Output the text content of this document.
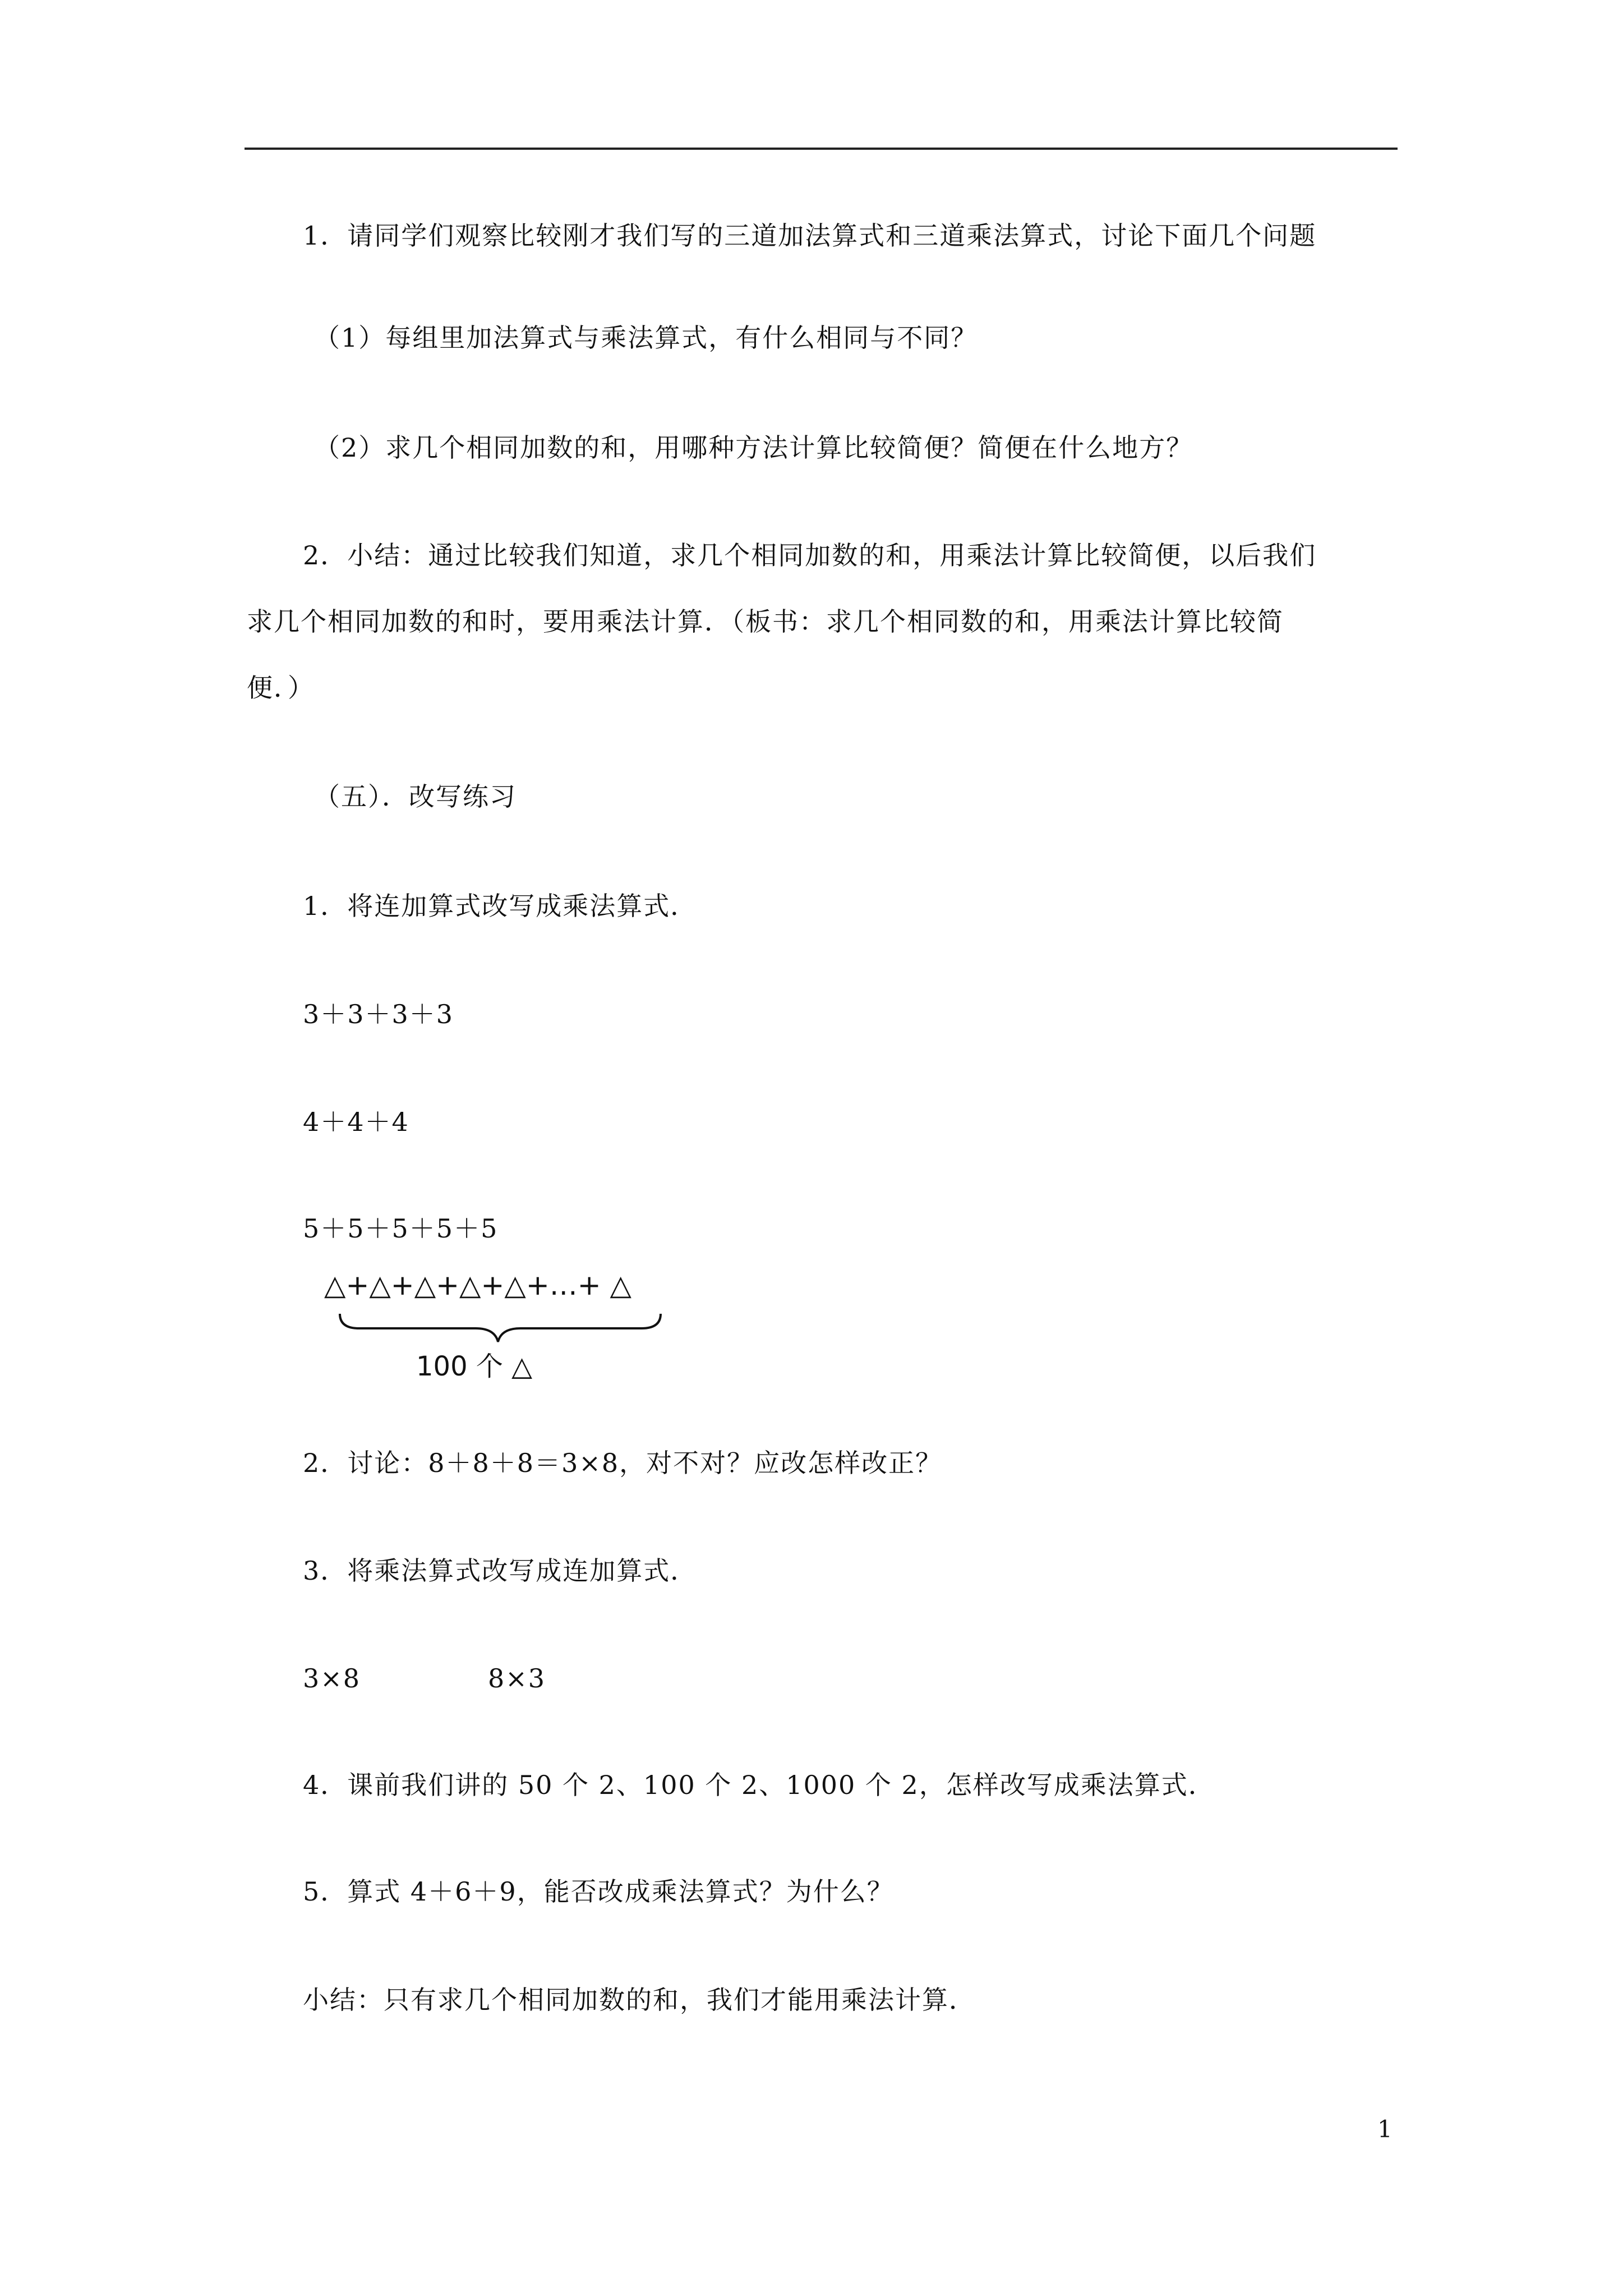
1．请同学们观察比较刚才我们写的三道加法算式和三道乘法算式，讨论下面几个问题
（1）每组里加法算式与乘法算式，有什么相同与不同？
（2）求几个相同加数的和，用哪种方法计算比较简便？简便在什么地方？
2．小结：通过比较我们知道，求几个相同加数的和，用乘法计算比较简便，以后我们
求几个相同加数的和时，要用乘法计算．（板书：求几个相同数的和，用乘法计算比较简
便．）
（五）．改写练习
1．将连加算式改写成乘法算式．
3＋3＋3＋3
4＋4＋4
5＋5＋5＋5＋5
△+△+△+△+△+…+ △
100 个 △
2．讨论：8＋8＋8＝3×8，对不对？应改怎样改正？
3．将乘法算式改写成连加算式．
3×8	8×3
4．课前我们讲的 50 个 2、100 个 2、1000 个 2，怎样改写成乘法算式．
5．算式 4＋6＋9，能否改成乘法算式？为什么？
小结：只有求几个相同加数的和，我们才能用乘法计算．
1
